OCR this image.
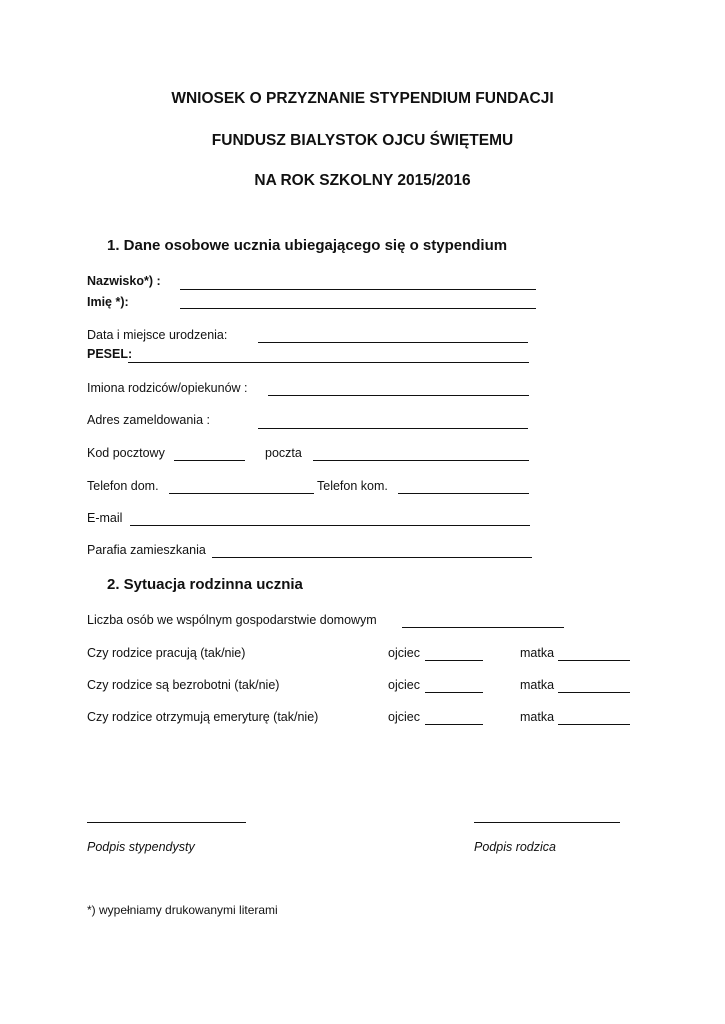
WNIOSEK O PRZYZNANIE STYPENDIUM FUNDACJI
FUNDUSZ BIALYSTOK OJCU ŚWIĘTEMU
NA ROK SZKOLNY 2015/2016
1. Dane osobowe ucznia ubiegającego się o stypendium
Nazwisko*) :
Imię *):
Data i miejsce urodzenia:
PESEL:
Imiona rodziców/opiekunów :
Adres zameldowania :
Kod pocztowy	poczta
Telefon dom.	Telefon kom.
E-mail
Parafia zamieszkania
2. Sytuacja rodzinna ucznia
Liczba osób we wspólnym gospodarstwie domowym
Czy rodzice pracują (tak/nie)	ojciec	matka
Czy rodzice są bezrobotni (tak/nie)	ojciec	matka
Czy rodzice otrzymują emeryturę (tak/nie)	ojciec	matka
Podpis stypendysty	Podpis rodzica
*) wypełniamy drukowanymi literami
